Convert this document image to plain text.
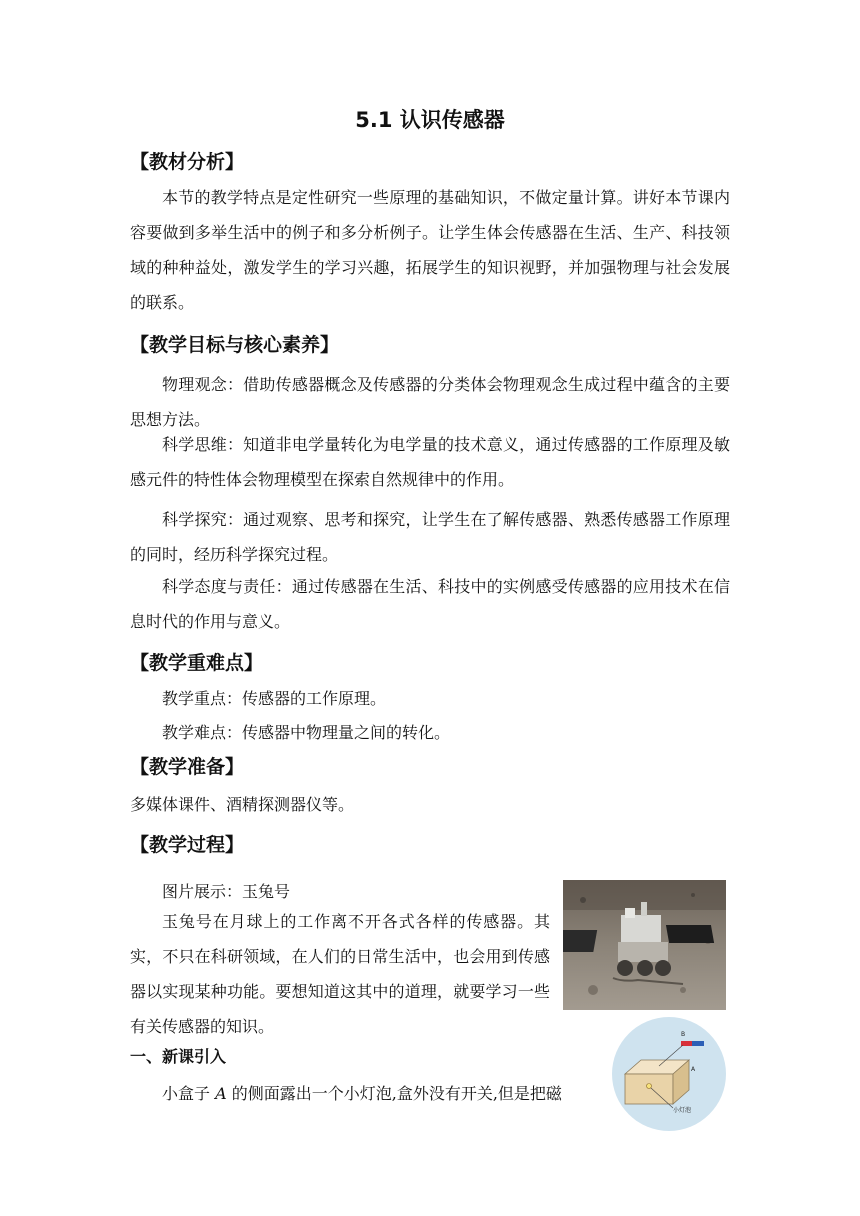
5.1 认识传感器
【教材分析】

本节的教学特点是定性研究一些原理的基础知识，不做定量计算。讲好本节课内容要做到多举生活中的例子和多分析例子。让学生体会传感器在生活、生产、科技领域的种种益处，激发学生的学习兴趣，拓展学生的知识视野，并加强物理与社会发展的联系。

【教学目标与核心素养】

物理观念：借助传感器概念及传感器的分类体会物理观念生成过程中蕴含的主要思想方法。

科学思维：知道非电学量转化为电学量的技术意义，通过传感器的工作原理及敏感元件的特性体会物理模型在探索自然规律中的作用。

科学探究：通过观察、思考和探究，让学生在了解传感器、熟悉传感器工作原理的同时，经历科学探究过程。

科学态度与责任：通过传感器在生活、科技中的实例感受传感器的应用技术在信息时代的作用与意义。

【教学重难点】

教学重点：传感器的工作原理。

教学难点：传感器中物理量之间的转化。

【教学准备】

多媒体课件、酒精探测器仪等。

【教学过程】

图片展示：玉兔号

玉兔号在月球上的工作离不开各式各样的传感器。其实，不只在科研领域，在人们的日常生活中，也会用到传感器以实现某种功能。要想知道这其中的道理，就要学习一些有关传感器的知识。

一、新课引入

小盒子 A 的侧面露出一个小灯泡,盒外没有开关,但是把磁

B
A
小灯泡
